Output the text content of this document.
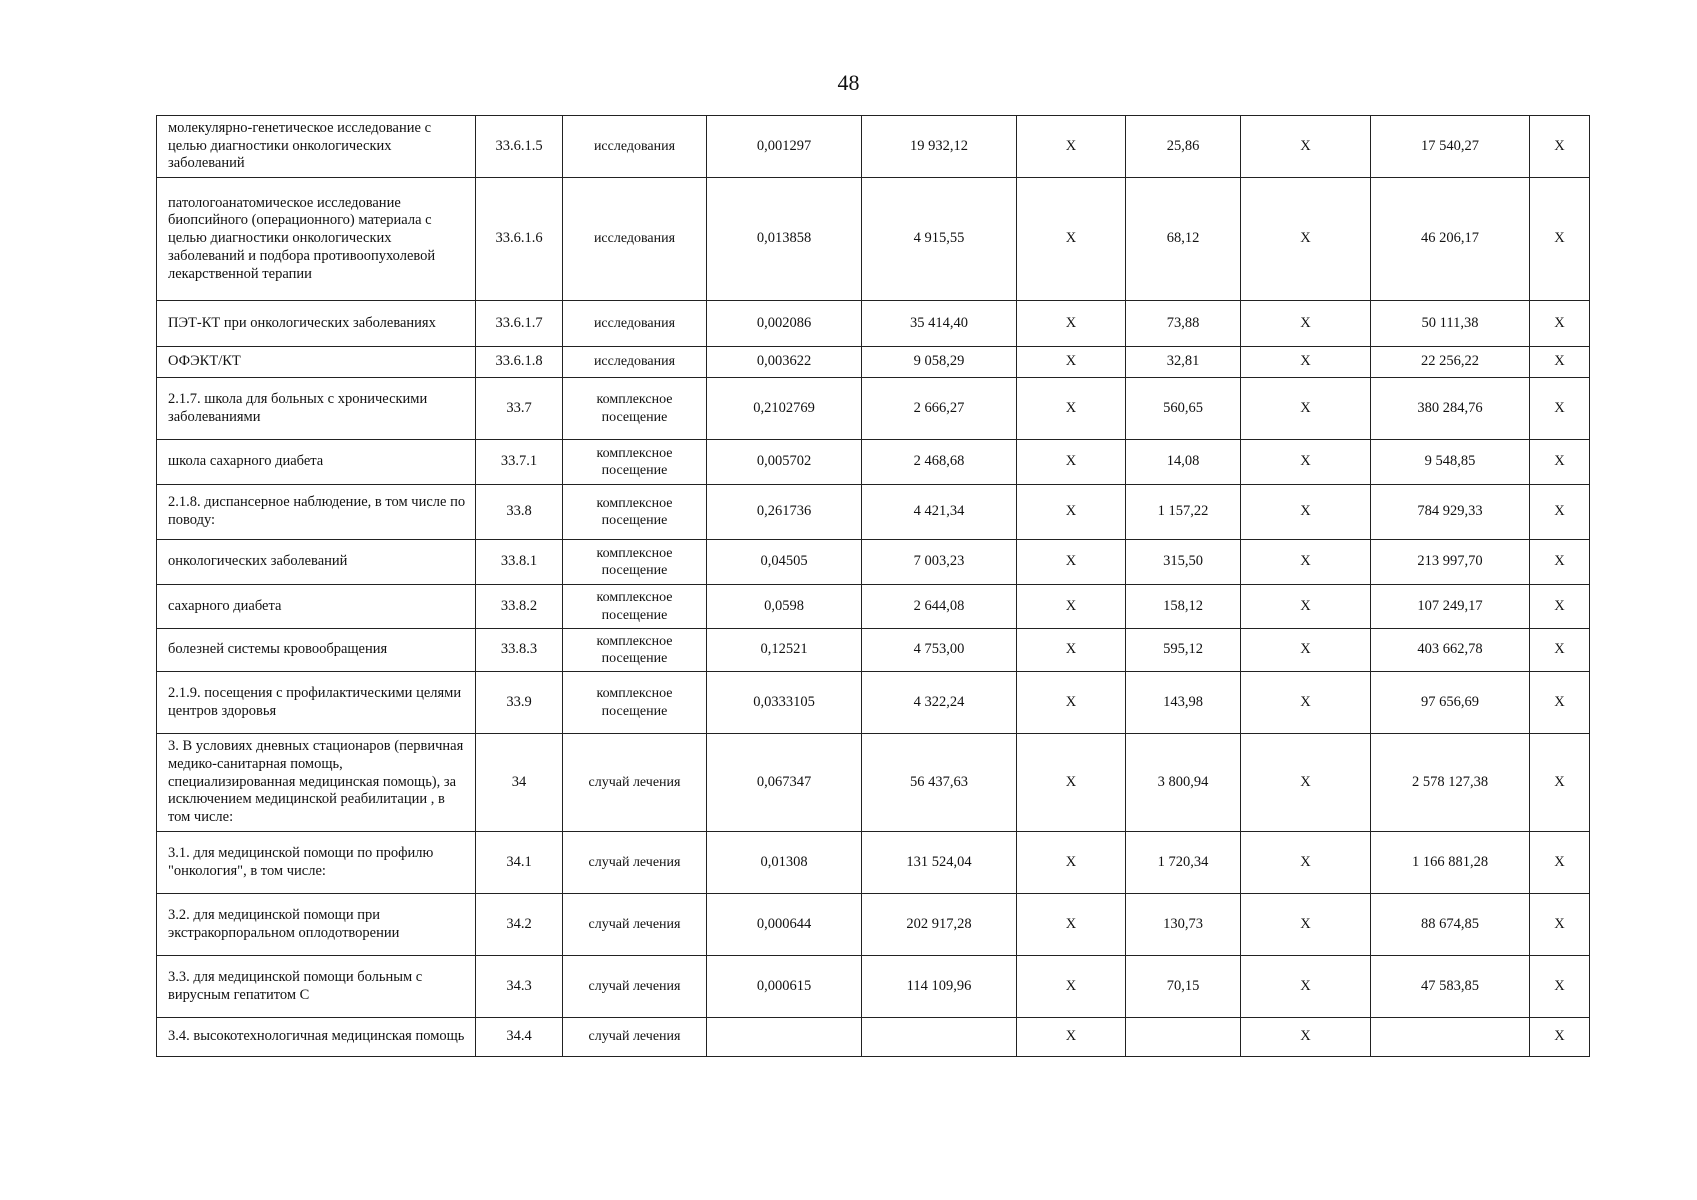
48
молекулярно-генетическое исследование с целью диагностики онкологических заболеваний	33.6.1.5	исследования	0,001297	19 932,12	X	25,86	X	17 540,27	X
патологоанатомическое исследование биопсийного (операционного) материала с целью диагностики онкологических заболеваний и подбора противоопухолевой лекарственной терапии	33.6.1.6	исследования	0,013858	4 915,55	X	68,12	X	46 206,17	X
ПЭТ-КТ при онкологических заболеваниях	33.6.1.7	исследования	0,002086	35 414,40	X	73,88	X	50 111,38	X
ОФЭКТ/КТ	33.6.1.8	исследования	0,003622	9 058,29	X	32,81	X	22 256,22	X
2.1.7. школа для больных с хроническими заболеваниями	33.7	комплексное посещение	0,2102769	2 666,27	X	560,65	X	380 284,76	X
школа сахарного диабета	33.7.1	комплексное посещение	0,005702	2 468,68	X	14,08	X	9 548,85	X
2.1.8. диспансерное наблюдение, в том числе по поводу:	33.8	комплексное посещение	0,261736	4 421,34	X	1 157,22	X	784 929,33	X
онкологических заболеваний	33.8.1	комплексное посещение	0,04505	7 003,23	X	315,50	X	213 997,70	X
сахарного диабета	33.8.2	комплексное посещение	0,0598	2 644,08	X	158,12	X	107 249,17	X
болезней системы кровообращения	33.8.3	комплексное посещение	0,12521	4 753,00	X	595,12	X	403 662,78	X
2.1.9. посещения с профилактическими целями центров здоровья	33.9	комплексное посещение	0,0333105	4 322,24	X	143,98	X	97 656,69	X
3. В условиях дневных стационаров (первичная медико-санитарная помощь, специализированная медицинская помощь), за исключением медицинской реабилитации , в том числе:	34	случай лечения	0,067347	56 437,63	X	3 800,94	X	2 578 127,38	X
3.1. для медицинской помощи по профилю "онкология", в том числе:	34.1	случай лечения	0,01308	131 524,04	X	1 720,34	X	1 166 881,28	X
3.2. для медицинской помощи при экстракорпоральном оплодотворении	34.2	случай лечения	0,000644	202 917,28	X	130,73	X	88 674,85	X
3.3. для медицинской помощи больным с вирусным гепатитом С	34.3	случай лечения	0,000615	114 109,96	X	70,15	X	47 583,85	X
3.4. высокотехнологичная медицинская помощь	34.4	случай лечения			X		X		X
